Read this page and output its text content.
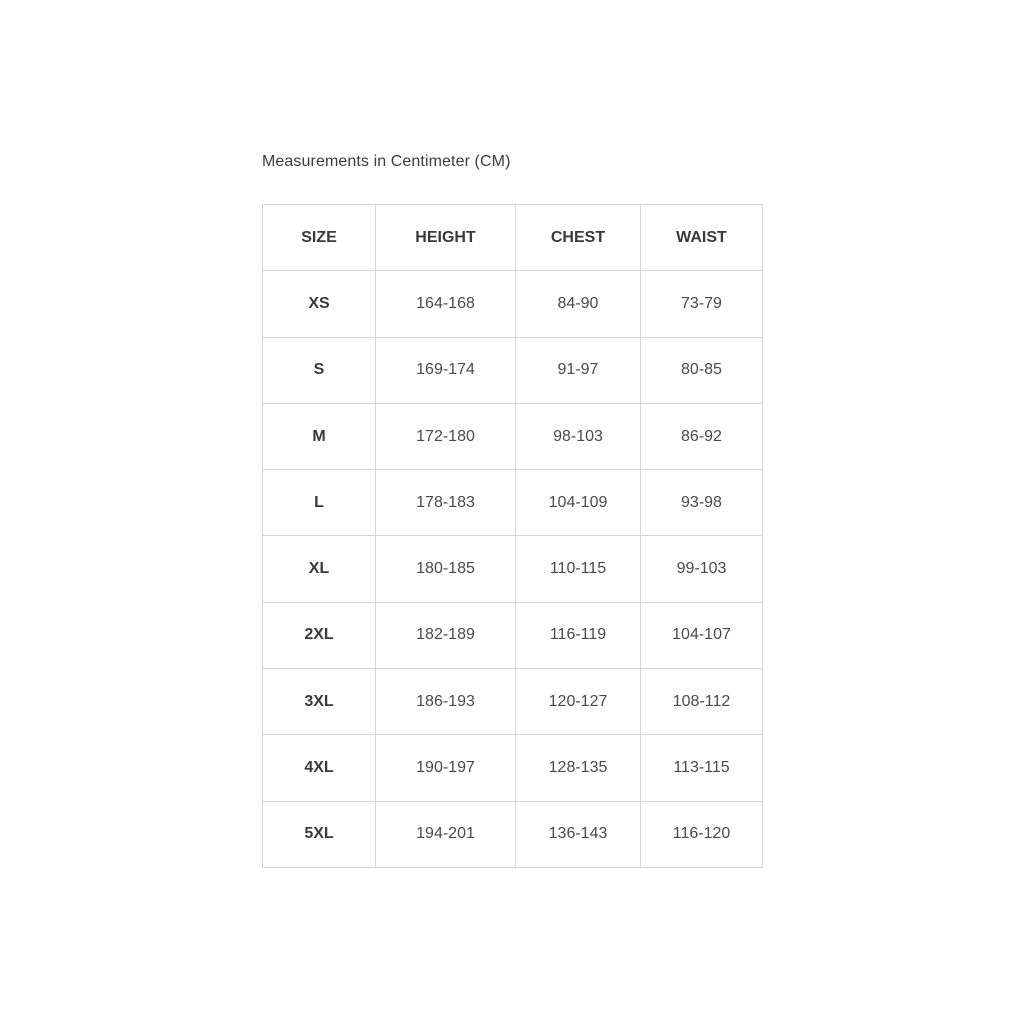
Measurements in Centimeter (CM)
SIZE	HEIGHT	CHEST	WAIST
XS	164-168	84-90	73-79
S	169-174	91-97	80-85
M	172-180	98-103	86-92
L	178-183	104-109	93-98
XL	180-185	110-115	99-103
2XL	182-189	116-119	104-107
3XL	186-193	120-127	108-112
4XL	190-197	128-135	113-115
5XL	194-201	136-143	116-120
